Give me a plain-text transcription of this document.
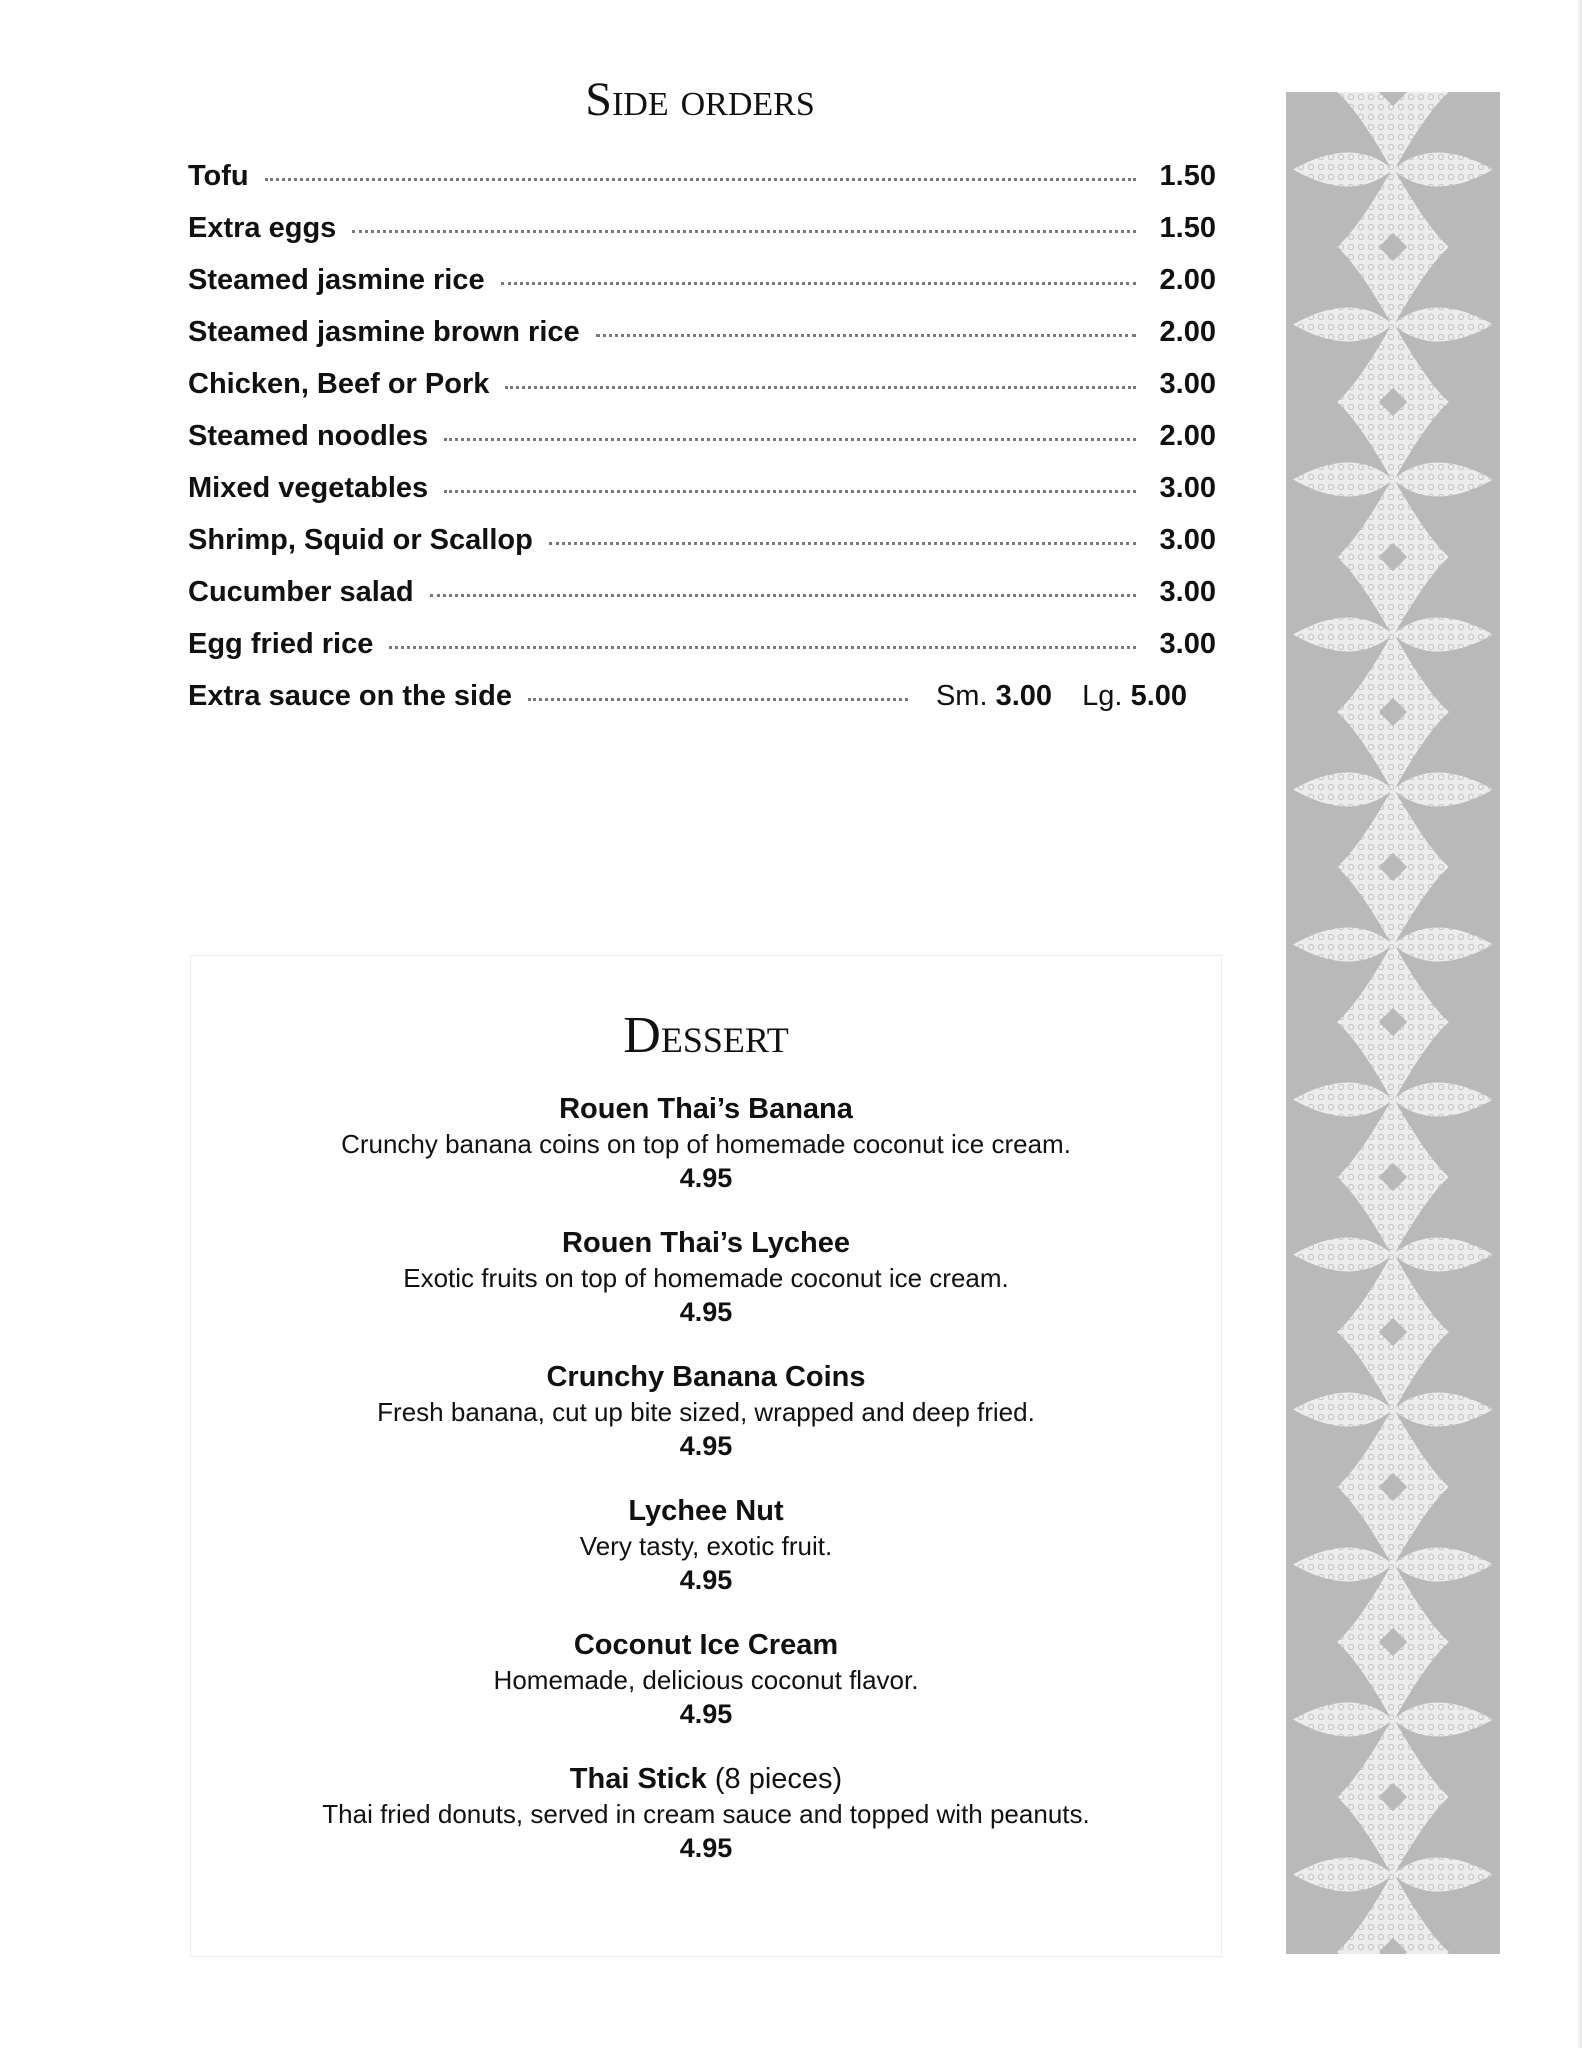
Side orders
Tofu	1.50
Extra eggs	1.50
Steamed jasmine rice	2.00
Steamed jasmine brown rice	2.00
Chicken, Beef or Pork	3.00
Steamed noodles	2.00
Mixed vegetables	3.00
Shrimp, Squid or Scallop	3.00
Cucumber salad	3.00
Egg fried rice	3.00
Extra sauce on the side	Sm. 3.00 Lg. 5.00
Dessert
Rouen Thai’s Banana
Crunchy banana coins on top of homemade coconut ice cream.
4.95
Rouen Thai’s Lychee
Exotic fruits on top of homemade coconut ice cream.
4.95
Crunchy Banana Coins
Fresh banana, cut up bite sized, wrapped and deep fried.
4.95
Lychee Nut
Very tasty, exotic fruit.
4.95
Coconut Ice Cream
Homemade, delicious coconut flavor.
4.95
Thai Stick (8 pieces)
Thai fried donuts, served in cream sauce and topped with peanuts.
4.95
